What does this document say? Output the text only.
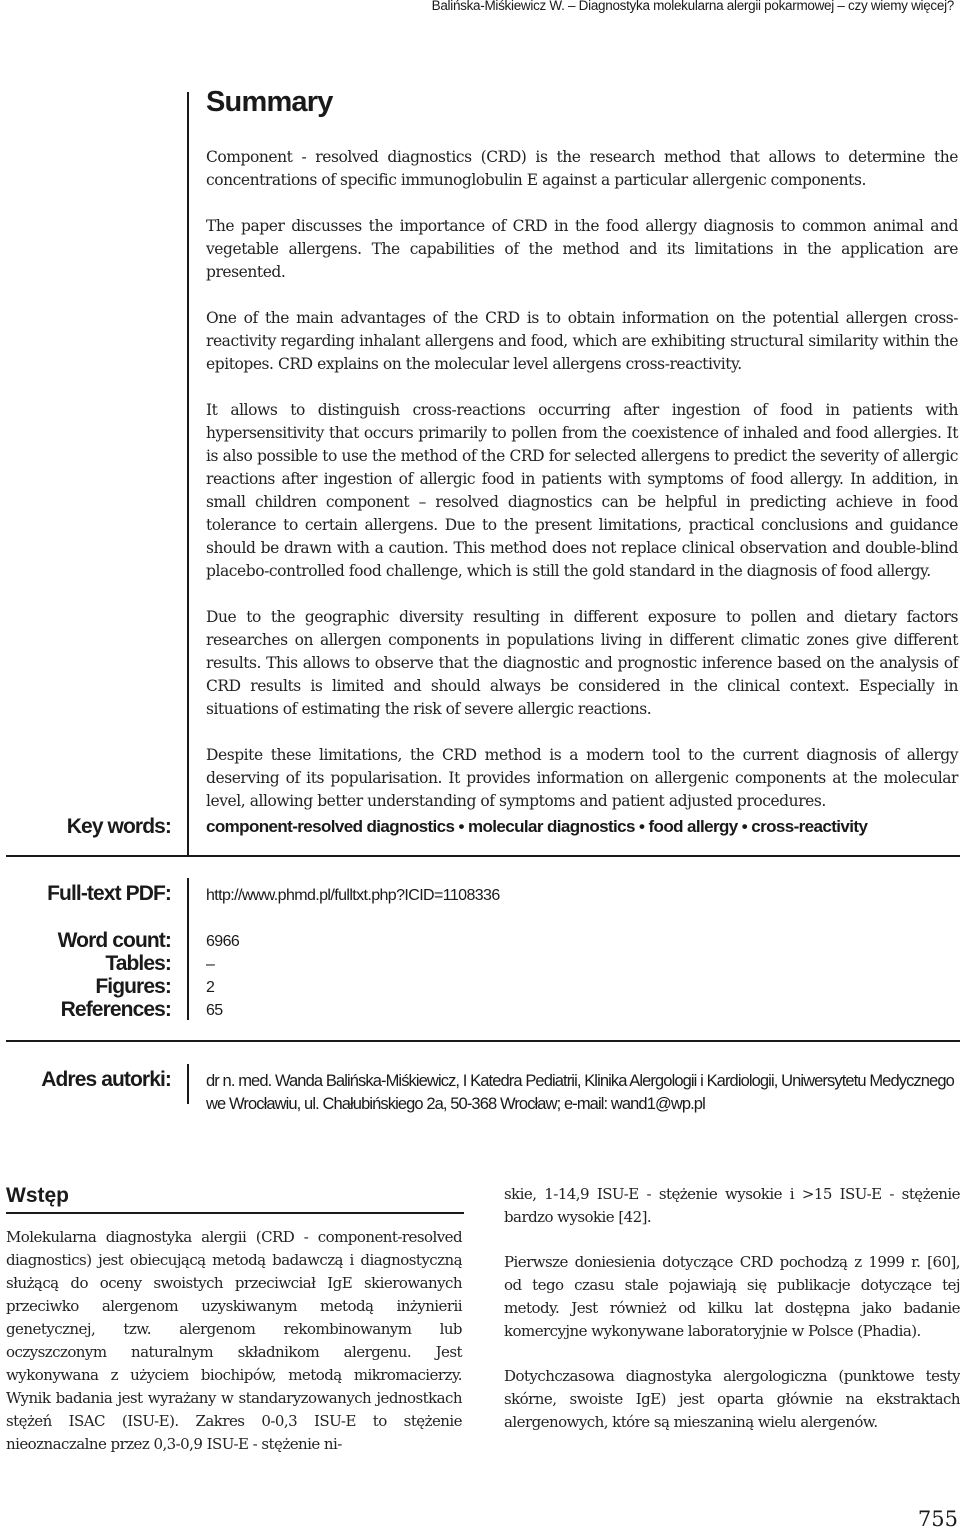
Balińska-Miśkiewicz W. – Diagnostyka molekularna alergii pokarmowej – czy wiemy więcej?
Summary

Component - resolved diagnostics (CRD) is the research method that allows to determine the concentrations of specific immunoglobulin E against a particular allergenic components.

The paper discusses the importance of CRD in the food allergy diagnosis to common animal and vegetable allergens. The capabilities of the method and its limitations in the application are presented.

One of the main advantages of the CRD is to obtain information on the potential allergen cross-reactivity regarding inhalant allergens and food, which are exhibiting structural similarity within the epitopes. CRD explains on the molecular level allergens cross-reactivity.

It allows to distinguish cross-reactions occurring after ingestion of food in patients with hypersensitivity that occurs primarily to pollen from the coexistence of inhaled and food allergies. It is also possible to use the method of the CRD for selected allergens to predict the severity of allergic reactions after ingestion of allergic food in patients with symptoms of food allergy. In addition, in small children component – resolved diagnostics can be helpful in predicting achieve in food tolerance to certain allergens. Due to the present limitations, practical conclusions and guidance should be drawn with a caution. This method does not replace clinical observation and double-blind placebo-controlled food challenge, which is still the gold standard in the diagnosis of food allergy.

Due to the geographic diversity resulting in different exposure to pollen and dietary factors researches on allergen components in populations living in different climatic zones give different results. This allows to observe that the diagnostic and prognostic inference based on the analysis of CRD results is limited and should always be considered in the clinical context. Especially in situations of estimating the risk of severe allergic reactions.

Despite these limitations, the CRD method is a modern tool to the current diagnosis of allergy deserving of its popularisation. It provides information on allergenic components at the molecular level, allowing better understanding of symptoms and patient adjusted procedures.

Key words: component-resolved diagnostics • molecular diagnostics • food allergy • cross-reactivity
Full-text PDF: http://www.phmd.pl/fulltxt.php?ICID=1108336
Word count: 6966
Tables: –
Figures: 2
References: 65
Adres autorki: dr n. med. Wanda Balińska-Miśkiewicz, I Katedra Pediatrii, Klinika Alergologii i Kardiologii, Uniwersytetu Medycznego we Wrocławiu, ul. Chałubińskiego 2a, 50-368 Wrocław; e-mail: wand1@wp.pl
Wstęp

Molekularna diagnostyka alergii (CRD - component-resolved diagnostics) jest obiecującą metodą badawczą i diagnostyczną służącą do oceny swoistych przeciwciał IgE skierowanych przeciwko alergenom uzyskiwanym metodą inżynierii genetycznej, tzw. alergenom rekombinowanym lub oczyszczonym naturalnym składnikom alergenu. Jest wykonywana z użyciem biochipów, metodą mikromacierzy. Wynik badania jest wyrażany w standaryzowanych jednostkach stężeń ISAC (ISU-E). Zakres 0-0,3 ISU-E to stężenie nieoznaczalne przez 0,3-0,9 ISU-E - stężenie ni-

skie, 1-14,9 ISU-E - stężenie wysokie i >15 ISU-E - stężenie bardzo wysokie [42].

Pierwsze doniesienia dotyczące CRD pochodzą z 1999 r. [60], od tego czasu stale pojawiają się publikacje dotyczące tej metody. Jest również od kilku lat dostępna jako badanie komercyjne wykonywane laboratoryjnie w Polsce (Phadia).

Dotychczasowa diagnostyka alergologiczna (punktowe testy skórne, swoiste IgE) jest oparta głównie na ekstraktach alergenowych, które są mieszaniną wielu alergenów.

755
